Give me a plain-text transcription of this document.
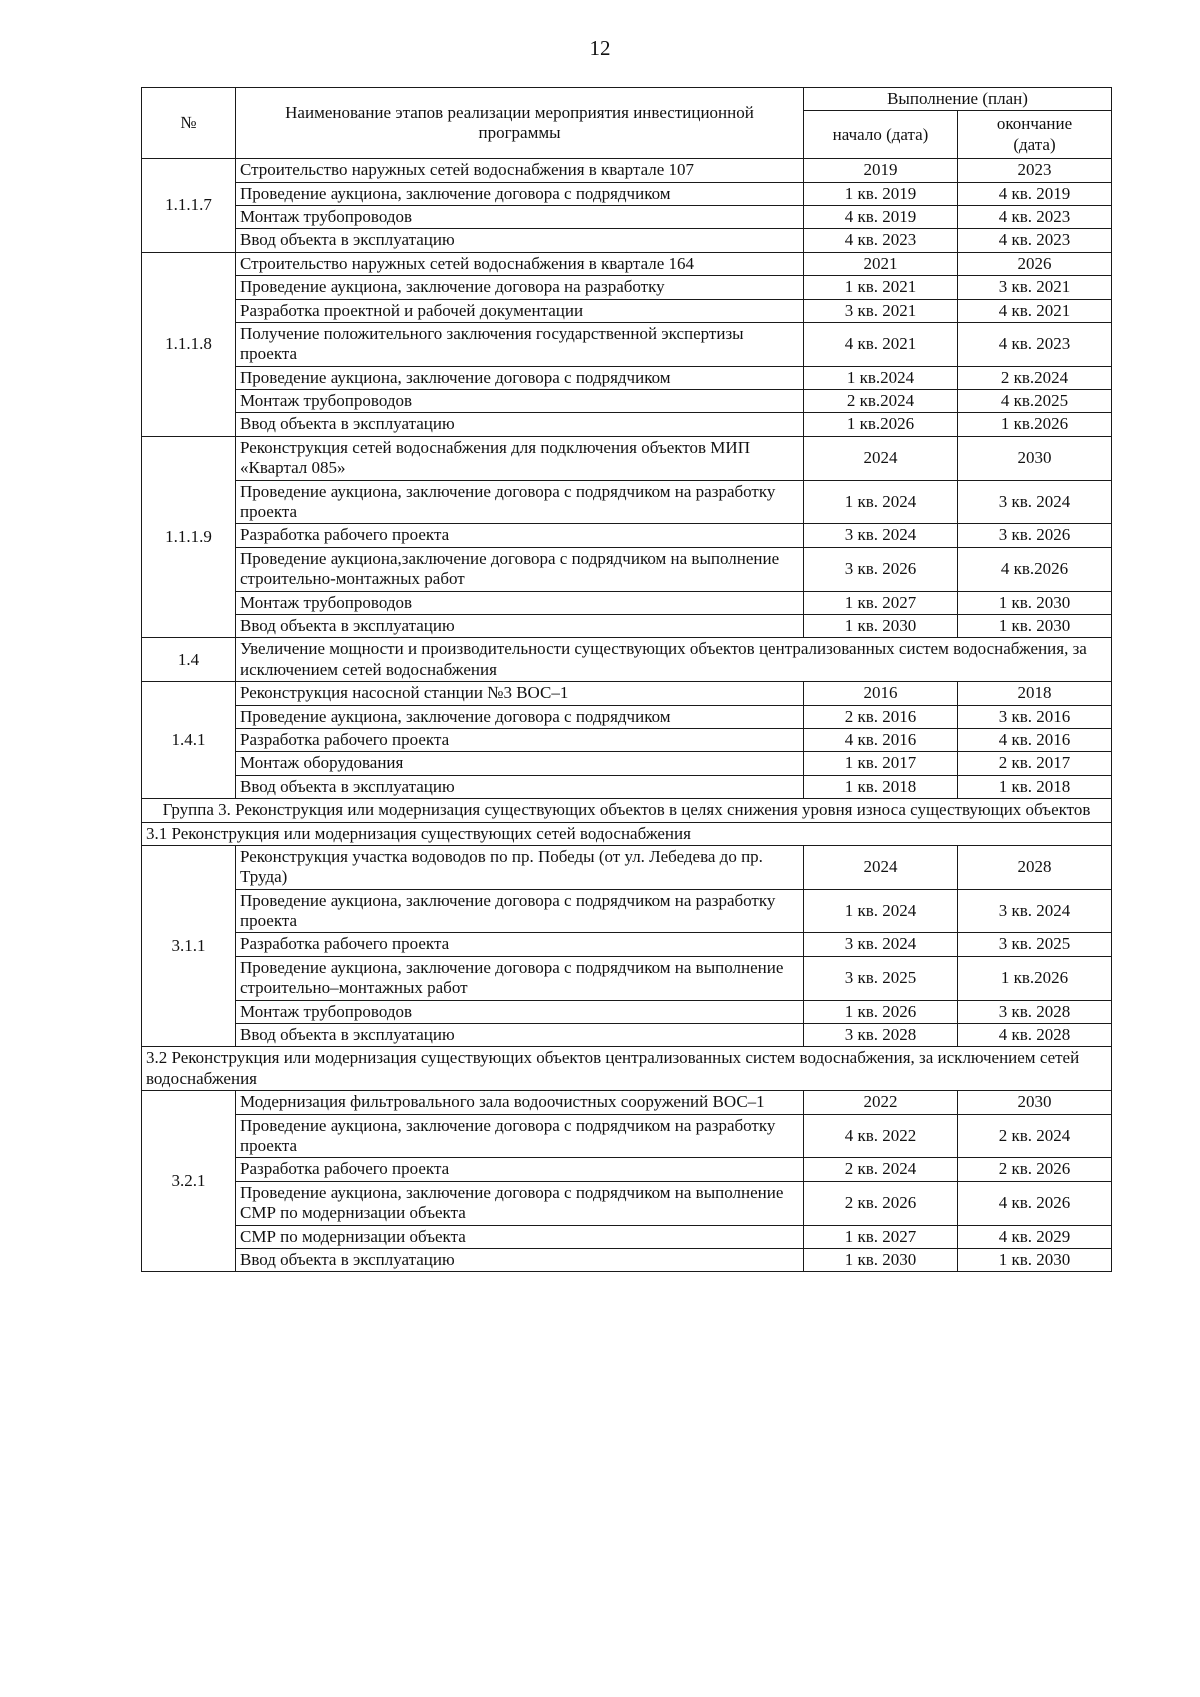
12
№	Наименование этапов реализации мероприятия инвестиционной программы	Выполнение (план)	
		начало (дата)	окончание (дата)
1.1.1.7	Строительство наружных сетей водоснабжения в квартале 107	2019	2023
	Проведение аукциона, заключение договора с подрядчиком	1 кв. 2019	4 кв. 2019
	Монтаж трубопроводов	4 кв. 2019	4 кв. 2023
	Ввод объекта в эксплуатацию	4 кв. 2023	4 кв. 2023
1.1.1.8	Строительство наружных сетей водоснабжения в квартале 164	2021	2026
	Проведение аукциона, заключение договора на разработку	1 кв. 2021	3 кв. 2021
	Разработка проектной и рабочей документации	3 кв. 2021	4 кв. 2021
	Получение положительного заключения государственной экспертизы проекта	4 кв. 2021	4 кв. 2023
	Проведение аукциона, заключение договора с подрядчиком	1 кв.2024	2 кв.2024
	Монтаж трубопроводов	2 кв.2024	4 кв.2025
	Ввод объекта в эксплуатацию	1 кв.2026	1 кв.2026
1.1.1.9	Реконструкция сетей водоснабжения для подключения объектов МИП «Квартал 085»	2024	2030
	Проведение аукциона, заключение договора с подрядчиком на разработку проекта	1 кв. 2024	3 кв. 2024
	Разработка рабочего проекта	3 кв. 2024	3 кв. 2026
	Проведение аукциона,заключение договора с подрядчиком на выполнение строительно-монтажных работ	3 кв. 2026	4 кв.2026
	Монтаж трубопроводов	1 кв. 2027	1 кв. 2030
	Ввод объекта в эксплуатацию	1 кв. 2030	1 кв. 2030
1.4	Увеличение мощности и производительности существующих объектов централизованных систем водоснабжения, за исключением сетей водоснабжения		
1.4.1	Реконструкция насосной станции №3 ВОС–1	2016	2018
	Проведение аукциона, заключение договора с подрядчиком	2 кв. 2016	3 кв. 2016
	Разработка рабочего проекта	4 кв. 2016	4 кв. 2016
	Монтаж оборудования	1 кв. 2017	2 кв. 2017
	Ввод объекта в эксплуатацию	1 кв. 2018	1 кв. 2018
Группа 3. Реконструкция или модернизация существующих объектов в целях снижения уровня износа существующих объектов			
3.1 Реконструкция или модернизация существующих сетей водоснабжения			
3.1.1	Реконструкция участка водоводов по пр. Победы (от ул. Лебедева до пр. Труда)	2024	2028
	Проведение аукциона, заключение договора с подрядчиком на разработку проекта	1 кв. 2024	3 кв. 2024
	Разработка рабочего проекта	3 кв. 2024	3 кв. 2025
	Проведение аукциона, заключение договора с подрядчиком на выполнение строительно–монтажных работ	3 кв. 2025	1 кв.2026
	Монтаж трубопроводов	1 кв. 2026	3 кв. 2028
	Ввод объекта в эксплуатацию	3 кв. 2028	4 кв. 2028
3.2 Реконструкция или модернизация существующих объектов централизованных систем водоснабжения, за исключением сетей водоснабжения			
3.2.1	Модернизация фильтровального зала водоочистных сооружений ВОС–1	2022	2030
	Проведение аукциона, заключение договора с подрядчиком на разработку проекта	4 кв. 2022	2 кв. 2024
	Разработка рабочего проекта	2 кв. 2024	2 кв. 2026
	Проведение аукциона, заключение договора с подрядчиком на выполнение СМР по модернизации объекта	2 кв. 2026	4 кв. 2026
	СМР по модернизации объекта	1 кв. 2027	4 кв. 2029
	Ввод объекта в эксплуатацию	1 кв. 2030	1 кв. 2030
